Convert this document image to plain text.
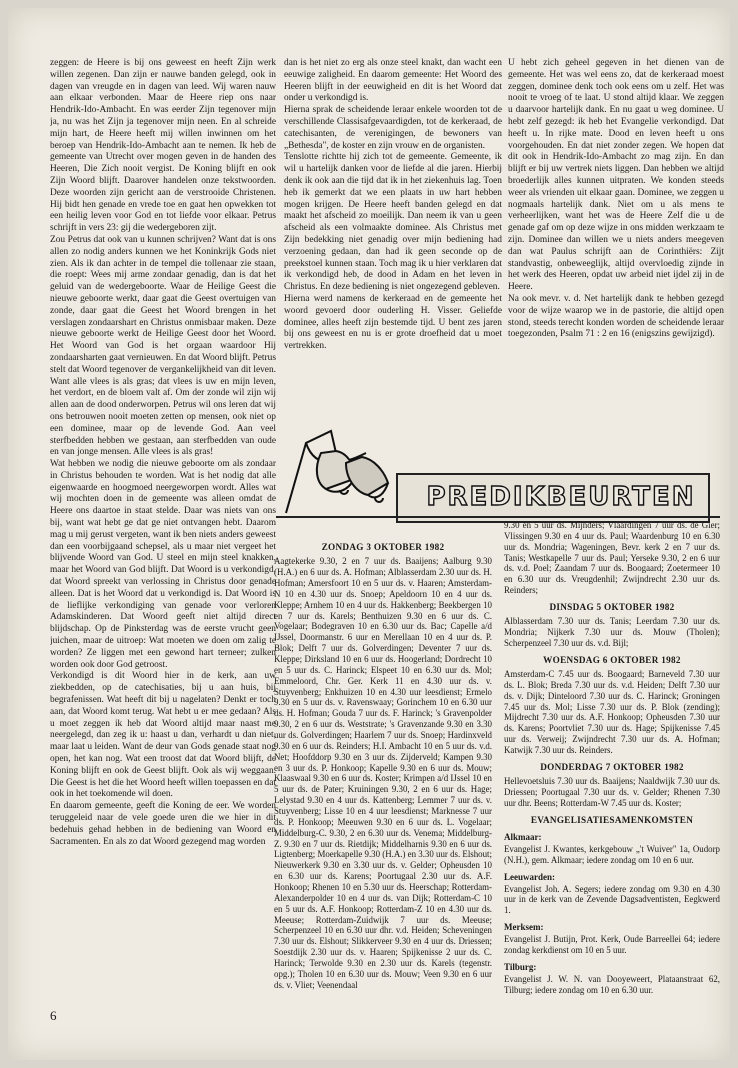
zeggen: de Heere is bij ons geweest en heeft Zijn werk willen zegenen. Dan zijn er nauwe banden gelegd, ook in dagen van vreugde en in dagen van leed. Wij waren nauw aan elkaar verbonden. Maar de Heere riep ons naar Hendrik-Ido-Ambacht. En was eerder Zijn tegenover mijn ja, nu was het Zijn ja tegenover mijn neen. En al schreide mijn hart, de Heere heeft mij willen inwinnen om het beroep van Hendrik-Ido-Ambacht aan te nemen. Ik heb de gemeente van Utrecht over mogen geven in de handen des Heeren, Die Zich nooit vergist. De Koning blijft en ook Zijn Woord blijft. Daarover handelen onze tekstwoorden. Deze woorden zijn gericht aan de verstrooide Christenen. Hij bidt hen genade en vrede toe en gaat hen opwekken tot een heilig leven voor God en tot liefde voor elkaar. Petrus schrijft in vers 23: gij die wedergeboren zijt.

Zou Petrus dat ook van u kunnen schrijven? Want dat is ons allen zo nodig anders kunnen we het Koninkrijk Gods niet zien. Als ik dan achter in de tempel die tollenaar zie staan, die roept: Wees mij arme zondaar genadig, dan is dat het geluid van de wedergeboorte. Waar de Heilige Geest die nieuwe geboorte werkt, daar gaat die Geest overtuigen van zonde, daar gaat die Geest het Woord brengen in het verslagen zondaarshart en Christus onmisbaar maken. Deze nieuwe geboorte werkt de Heilige Geest door het Woord. Het Woord van God is het orgaan waardoor Hij zondaarsharten gaat vernieuwen. En dat Woord blijft. Petrus stelt dat Woord tegenover de vergankelijkheid van dit leven. Want alle vlees is als gras; dat vlees is uw en mijn leven, het verdort, en de bloem valt af. Om der zonde wil zijn wij allen aan de dood onderworpen. Petrus wil ons leren dat wij ons betrouwen nooit moeten zetten op mensen, ook niet op een dominee, maar op de levende God. Aan veel sterfbedden hebben we gestaan, aan sterfbedden van oude en van jonge mensen. Alle vlees is als gras!

Wat hebben we nodig die nieuwe geboorte om als zondaar in Christus behouden te worden. Wat is het nodig dat alle eigenwaarde en hoogmoed neergeworpen wordt. Alles wat wij mochten doen in de gemeente was alleen omdat de Heere ons daartoe in staat stelde. Daar was niets van ons bij, want wat hebt ge dat ge niet ontvangen hebt. Daarom mag u mij gerust vergeten, want ik ben niets anders geweest dan een voorbijgaand schepsel, als u maar niet vergeet het blijvende Woord van God. U steel en mijn steel knakken, maar het Woord van God blijft. Dat Woord is u verkondigd, dat Woord spreekt van verlossing in Christus door genade alleen. Dat is het Woord dat u verkondigd is. Dat Woord is de lieflijke verkondiging van genade voor verloren Adamskinderen. Dat Woord geeft niet altijd direct blijdschap. Op de Pinksterdag was de eerste vrucht geen juichen, maar de uitroep: Wat moeten we doen om zalig te worden? Ze liggen met een gewond hart terneer; zulken worden ook door God getroost.

Verkondigd is dit Woord hier in de kerk, aan uw ziekbedden, op de catechisaties, bij u aan huis, bij begrafenissen. Wat heeft dit bij u nagelaten? Denkt er toch aan, dat Woord komt terug. Wat hebt u er mee gedaan? Als u moet zeggen ik heb dat Woord altijd maar naast me neergelegd, dan zeg ik u: haast u dan, verhardt u dan niet, maar laat u leiden. Want de deur van Gods genade staat nog open, het kan nog. Wat een troost dat dat Woord blijft, de Koning blijft en ook de Geest blijft. Ook als wij weggaan. Die Geest is het die het Woord heeft willen toepassen en dat ook in het toekomende wil doen.

En daarom gemeente, geeft die Koning de eer. We worden teruggeleid naar de vele goede uren die we hier in dit bedehuis gehad hebben in de bediening van Woord en Sacramenten. En als zo dat Woord gezegend mag worden

dan is het niet zo erg als onze steel knakt, dan wacht een eeuwige zaligheid. En daarom gemeente: Het Woord des Heeren blijft in der eeuwigheid en dit is het Woord dat onder u verkondigd is.

Hierna sprak de scheidende leraar enkele woorden tot de verschillende Classisafgevaardigden, tot de kerkeraad, de catechisanten, de verenigingen, de bewoners van „Bethesda", de koster en zijn vrouw en de organisten.

Tenslotte richtte hij zich tot de gemeente. Gemeente, ik wil u hartelijk danken voor de liefde al die jaren. Hierbij denk ik ook aan die tijd dat ik in het ziekenhuis lag. Toen heb ik gemerkt dat we een plaats in uw hart hebben mogen krijgen. De Heere heeft banden gelegd en dat maakt het afscheid zo moeilijk. Dan neem ik van u geen afscheid als een volmaakte dominee. Als Christus met Zijn bedekking niet genadig over mijn bediening had verzoening gedaan, dan had ik geen seconde op de preekstoel kunnen staan. Toch mag ik u hier verklaren dat ik verkondigd heb, de dood in Adam en het leven in Christus. En deze bediening is niet ongezegend gebleven.

Hierna werd namens de kerkeraad en de gemeente het woord gevoerd door ouderling H. Visser. Geliefde dominee, alles heeft zijn bestemde tijd. U bent zes jaren bij ons geweest en nu is er grote droefheid dat u moet vertrekken.

U hebt zich geheel gegeven in het dienen van de gemeente. Het was wel eens zo, dat de kerkeraad moest zeggen, dominee denk toch ook eens om u zelf. Het was nooit te vroeg of te laat. U stond altijd klaar. We zeggen u daarvoor hartelijk dank. En nu gaat u weg dominee. U hebt zelf gezegd: ik heb het Evangelie verkondigd. Dat heeft u. In rijke mate. Dood en leven heeft u ons voorgehouden. En dat niet zonder zegen. We hopen dat dit ook in Hendrik-Ido-Ambacht zo mag zijn. En dan blijft er bij uw vertrek niets liggen. Dan hebben we altijd broederlijk alles kunnen uitpraten. We konden steeds weer als vrienden uit elkaar gaan. Dominee, we zeggen u nogmaals hartelijk dank. Niet om u als mens te verheerlijken, want het was de Heere Zelf die u de genade gaf om op deze wijze in ons midden werkzaam te zijn. Dominee dan willen we u niets anders meegeven dan wat Paulus schrijft aan de Corinthiërs: Zijt standvastig, onbeweeglijk, altijd overvloedig zijnde in het werk des Heeren, opdat uw arbeid niet ijdel zij in de Heere.

Na ook mevr. v. d. Net hartelijk dank te hebben gezegd voor de wijze waarop we in de pastorie, die altijd open stond, steeds terecht konden worden de scheidende leraar toegezonden, Psalm 71 : 2 en 16 (enigszins gewijzigd).

PREDIKBEURTEN
ZONDAG 3 OKTOBER 1982

Aagtekerke 9.30, 2 en 7 uur ds. Baaijens; Aalburg 9.30 (H.A.) en 6 uur ds. A. Hofman; Alblasserdam 2.30 uur ds. H. Hofman; Amersfoort 10 en 5 uur ds. v. Haaren; Amsterdam-N 10 en 4.30 uur ds. Snoep; Apeldoorn 10 en 4 uur ds. Kleppe; Arnhem 10 en 4 uur ds. Hakkenberg; Beekbergen 10 en 7 uur ds. Karels; Benthuizen 9.30 en 6 uur ds. C. Vogelaar; Bodegraven 10 en 6.30 uur ds. Bac; Capelle a/d IJssel, Doormanstr. 6 uur en Merellaan 10 en 4 uur ds. P. Blok; Delft 7 uur ds. Golverdingen; Deventer 7 uur ds. Kleppe; Dirksland 10 en 6 uur ds. Hoogerland; Dordrecht 10 en 5 uur ds. C. Harinck; Elspeet 10 en 6.30 uur ds. Mol; Emmeloord, Chr. Ger. Kerk 11 en 4.30 uur ds. v. Stuyvenberg; Enkhuizen 10 en 4.30 uur leesdienst; Ermelo 9.30 en 5 uur ds. v. Ravenswaay; Gorinchem 10 en 6.30 uur ds. H. Hofman; Gouda 7 uur ds. F. Harinck; 's Gravenpolder 9.30, 2 en 6 uur ds. Weststrate; 's Gravenzande 9.30 en 3.30 uur ds. Golverdingen; Haarlem 7 uur ds. Snoep; Hardinxveld 9.30 en 6 uur ds. Reinders; H.I. Ambacht 10 en 5 uur ds. v.d. Net; Hoofddorp 9.30 en 3 uur ds. Zijderveld; Kampen 9.30 en 3 uur ds. P. Honkoop; Kapelle 9.30 en 6 uur ds. Mouw; Klaaswaal 9.30 en 6 uur ds. Koster; Krimpen a/d IJssel 10 en 5 uur ds. de Pater; Kruiningen 9.30, 2 en 6 uur ds. Hage; Lelystad 9.30 en 4 uur ds. Kattenberg; Lemmer 7 uur ds. v. Stuyvenberg; Lisse 10 en 4 uur leesdienst; Marknesse 7 uur ds. P. Honkoop; Meeuwen 9.30 en 6 uur ds. L. Vogelaar; Middelburg-C. 9.30, 2 en 6.30 uur ds. Venema; Middelburg-Z. 9.30 en 7 uur ds. Rietdijk; Middelharnis 9.30 en 6 uur ds. Ligtenberg; Moerkapelle 9.30 (H.A.) en 3.30 uur ds. Elshout; Nieuwerkerk 9.30 en 3.30 uur ds. v. Gelder; Opheusden 10 en 6.30 uur ds. Karens; Poortugaal 2.30 uur ds. A.F. Honkoop; Rhenen 10 en 5.30 uur ds. Heerschap; Rotterdam-Alexanderpolder 10 en 4 uur ds. van Dijk; Rotterdam-C 10 en 5 uur ds. A.F. Honkoop; Rotterdam-Z 10 en 4.30 uur ds. Meeuse; Rotterdam-Zuidwijk 7 uur ds. Meeuse; Scherpenzeel 10 en 6.30 uur dhr. v.d. Heiden; Scheveningen 7.30 uur ds. Elshout; Slikkerveer 9.30 en 4 uur ds. Driessen; Soestdijk 2.30 uur ds. v. Haaren; Spijkenisse 2 uur ds. C. Harinck; Terwolde 9.30 en 2.30 uur ds. Karels (tegenstr. opg.); Tholen 10 en 6.30 uur ds. Mouw; Veen 9.30 en 6 uur ds. v. Vliet; Veenendaal

9.30 en 5 uur ds. Mijnders; Vlaardingen 7 uur ds. de Gier; Vlissingen 9.30 en 4 uur ds. Paul; Waardenburg 10 en 6.30 uur ds. Mondria; Wageningen, Bevr. kerk 2 en 7 uur ds. Tanis; Westkapelle 7 uur ds. Paul; Yerseke 9.30, 2 en 6 uur ds. v.d. Poel; Zaandam 7 uur ds. Boogaard; Zoetermeer 10 en 6.30 uur ds. Vreugdenhil; Zwijndrecht 2.30 uur ds. Reinders;

DINSDAG 5 OKTOBER 1982

Alblasserdam 7.30 uur ds. Tanis; Leerdam 7.30 uur ds. Mondria; Nijkerk 7.30 uur ds. Mouw (Tholen); Scherpenzeel 7.30 uur ds. v.d. Bijl;

WOENSDAG 6 OKTOBER 1982

Amsterdam-C 7.45 uur ds. Boogaard; Barneveld 7.30 uur ds. L. Blok; Breda 7.30 uur ds. v.d. Heiden; Delft 7.30 uur ds. v. Dijk; Dinteloord 7.30 uur ds. C. Harinck; Groningen 7.45 uur ds. Mol; Lisse 7.30 uur ds. P. Blok (zending); Mijdrecht 7.30 uur ds. A.F. Honkoop; Opheusden 7.30 uur ds. Karens; Poortvliet 7.30 uur ds. Hage; Spijkenisse 7.45 uur ds. Verweij; Zwijndrecht 7.30 uur ds. A. Hofman; Katwijk 7.30 uur ds. Reinders.

DONDERDAG 7 OKTOBER 1982

Hellevoetsluis 7.30 uur ds. Baaijens; Naaldwijk 7.30 uur ds. Driessen; Poortugaal 7.30 uur ds. v. Gelder; Rhenen 7.30 uur dhr. Beens; Rotterdam-W 7.45 uur ds. Koster;

EVANGELISATIESAMENKOMSTEN
Alkmaar:

Evangelist J. Kwantes, kerkgebouw „'t Wuiver" 1a, Oudorp (N.H.), gem. Alkmaar; iedere zondag om 10 en 6 uur.

Leeuwarden:

Evangelist Joh. A. Segers; iedere zondag om 9.30 en 4.30 uur in de kerk van de Zevende Dagsadventisten, Eegkwerd 1.

Merksem:

Evangelist J. Butijn, Prot. Kerk, Oude Barreellei 64; iedere zondag kerkdienst om 10 en 5 uur.

Tilburg:

Evangelist J. W. N. van Dooyeweert, Plataanstraat 62, Tilburg; iedere zondag om 10 en 6.30 uur.

6
